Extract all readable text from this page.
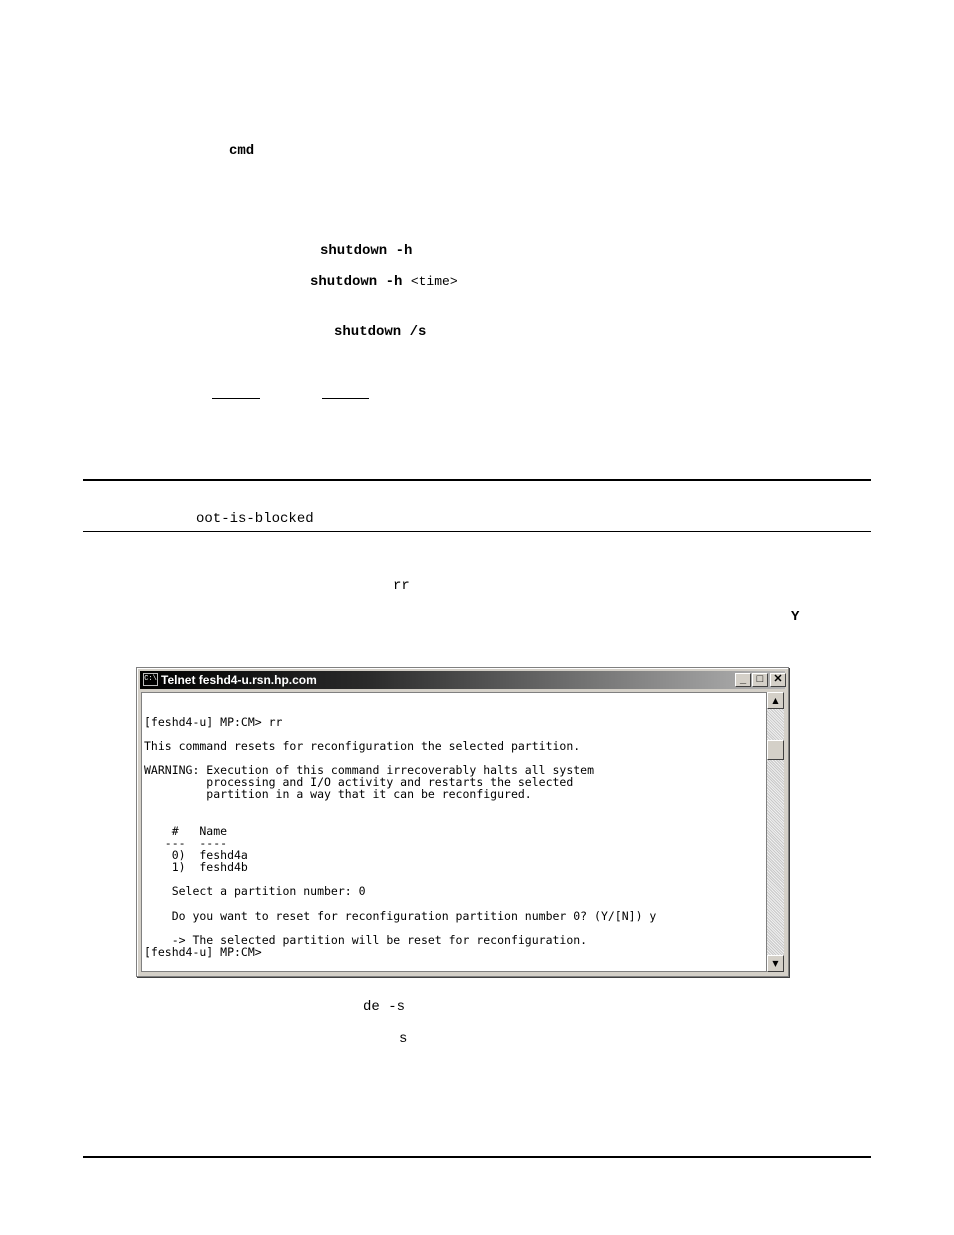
cmd
shutdown -h
shutdown -h <time>
shutdown /s
oot-is-blocked
rr
Y
C:\ Telnet feshd4-u.rsn.hp.com	_ □ ✕
[feshd4-u] MP:CM> rr
This command resets for reconfiguration the selected partition.
WARNING: Execution of this command irrecoverably halts all system
processing and I/O activity and restarts the selected
partition in a way that it can be reconfigured.
#   Name
---  ----
0)  feshd4a
1)  feshd4b
Select a partition number: 0
Do you want to reset for reconfiguration partition number 0? (Y/[N]) y
-> The selected partition will be reset for reconfiguration.
[feshd4-u] MP:CM>
▲
▼
de -s
s
